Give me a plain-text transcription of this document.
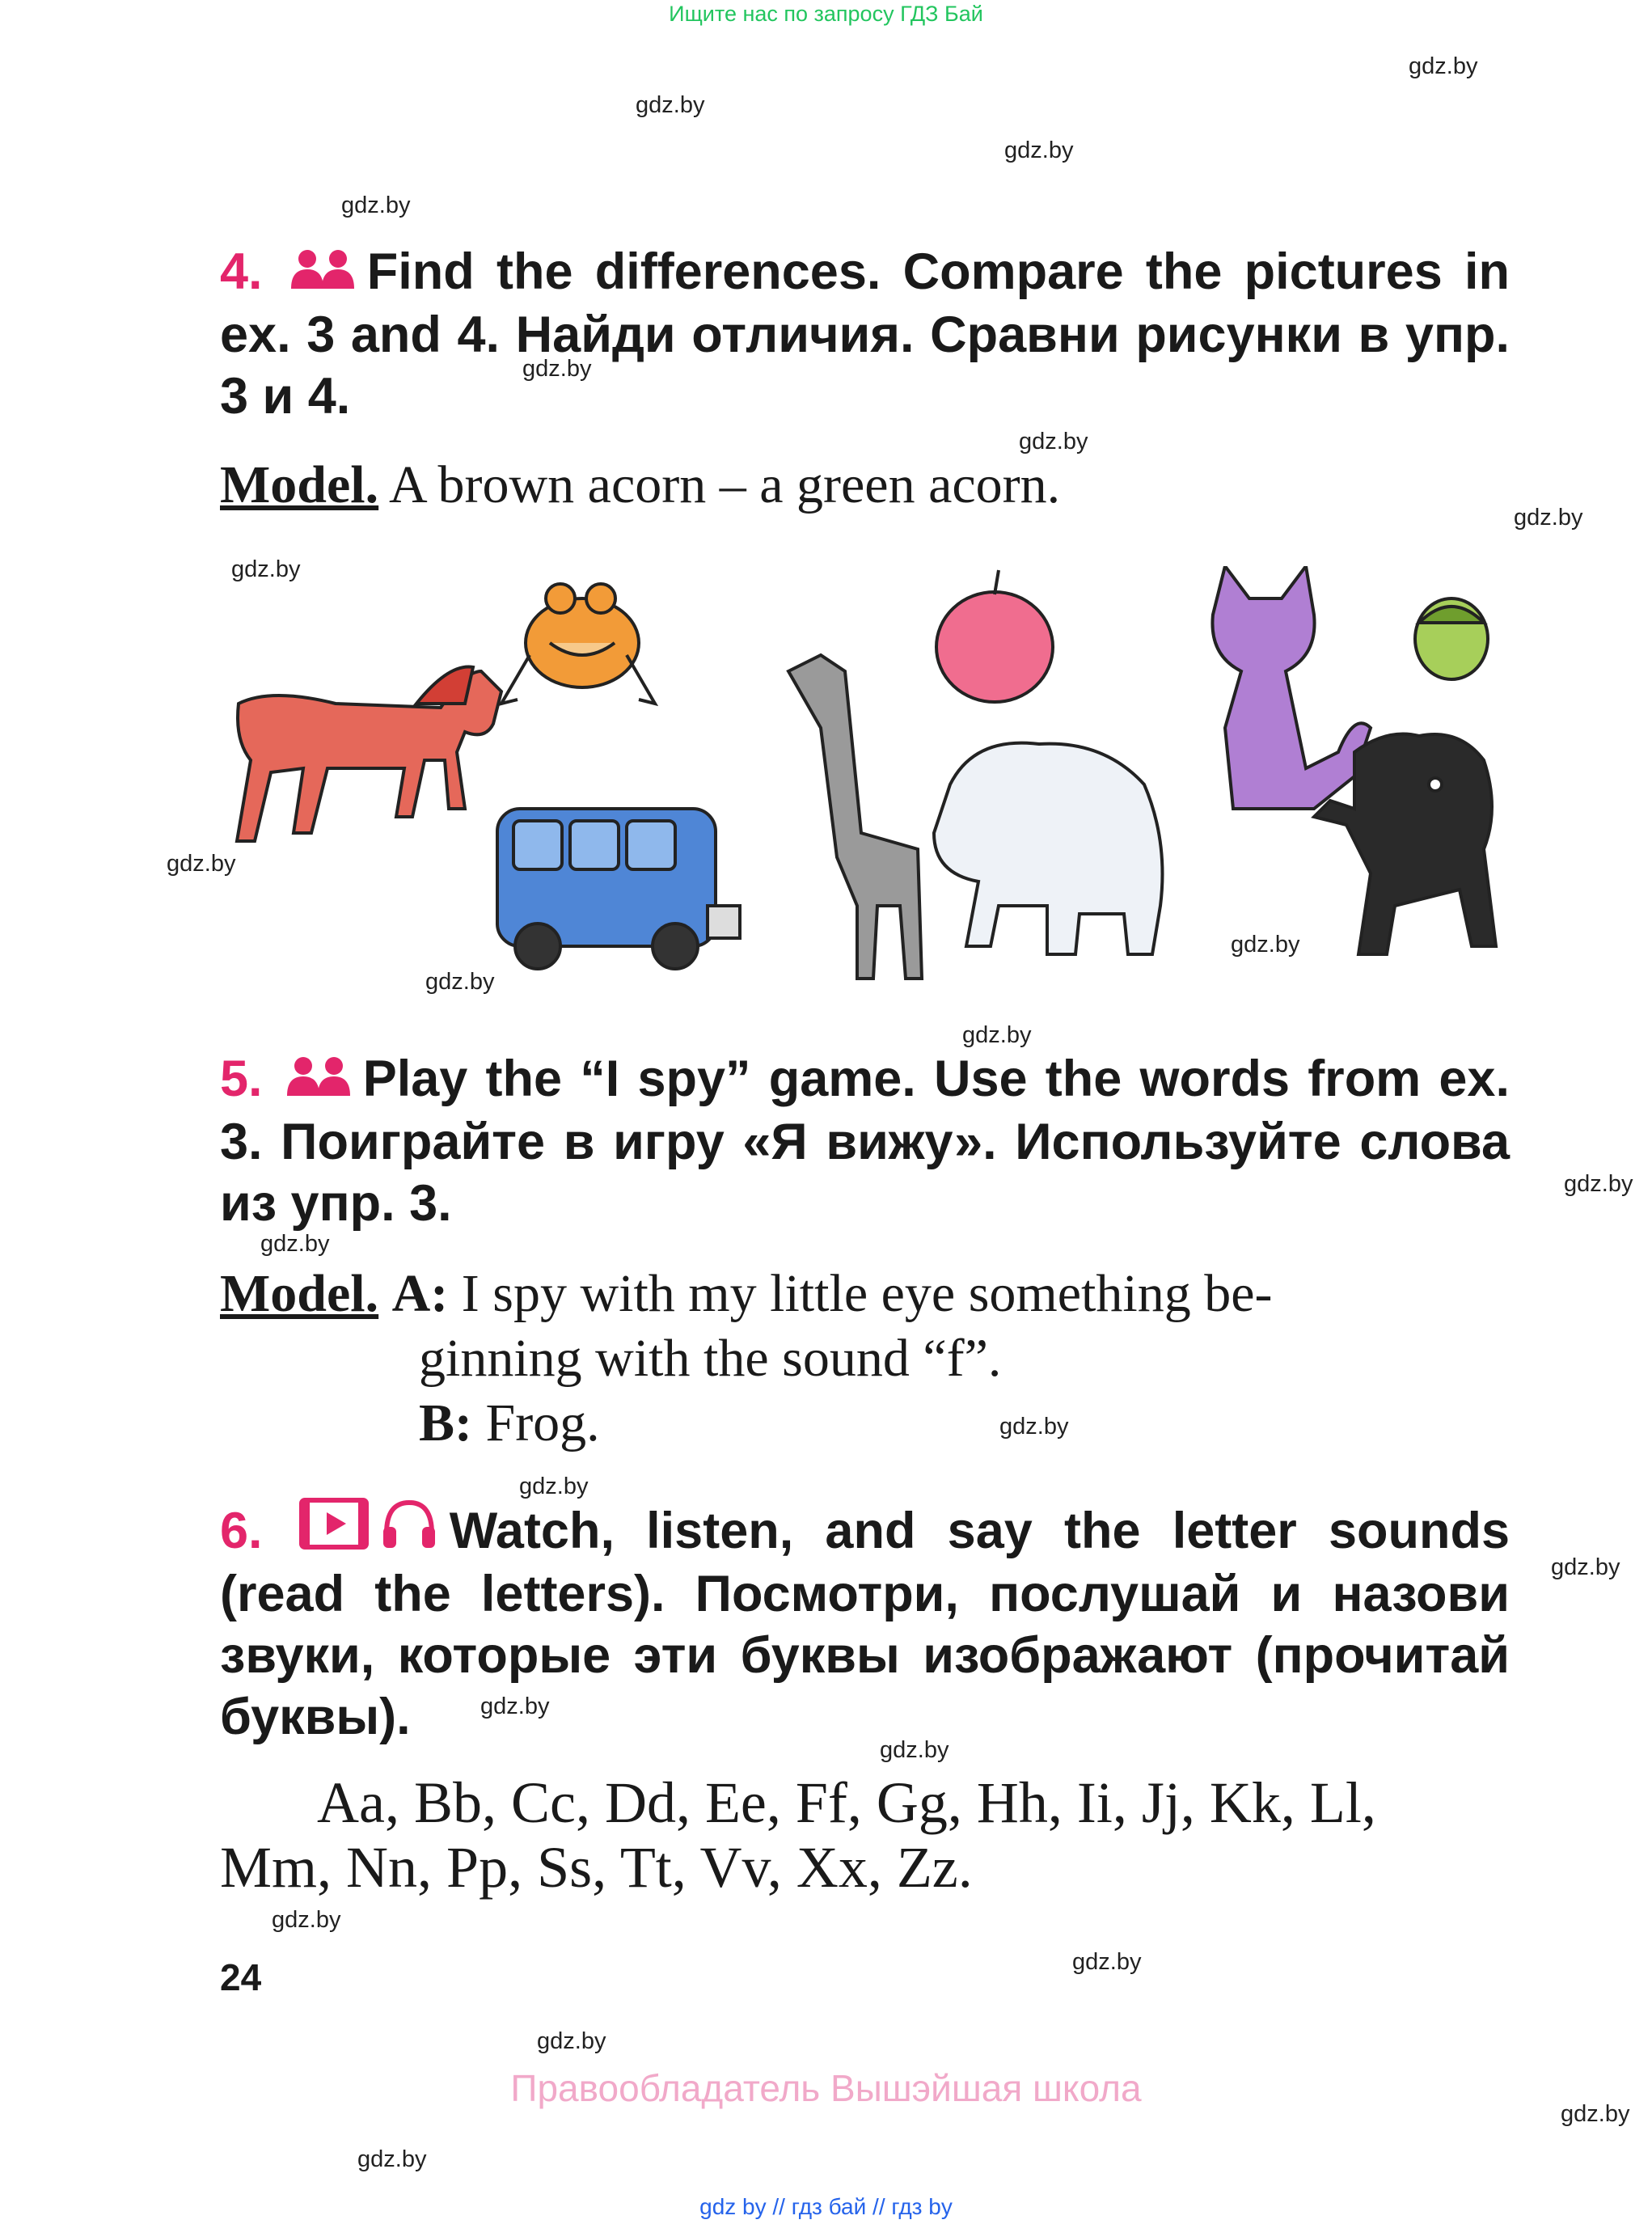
Ищите нас по запросу ГДЗ Бай
gdz.by
gdz.by
gdz.by
gdz.by
gdz.by
gdz.by
gdz.by
gdz.by
gdz.by
gdz.by
gdz.by
gdz.by
gdz.by
gdz.by
gdz.by
gdz.by
gdz.by
gdz.by
gdz.by
gdz.by
gdz.by
gdz.by
gdz.by
gdz.by
4. Find the differences. Compare the pictures in ex. 3 and 4. Найди отличия. Сравни рисунки в упр. 3 и 4.
Model. A brown acorn – a green acorn.
5. Play the “I spy” game. Use the words from ex. 3. Поиграйте в игру «Я вижу». Используйте слова из упр. 3.
Model. A: I spy with my little eye something be-
ginning with the sound “f”.
B: Frog.
6.	Watch, listen, and say the letter sounds (read the letters). Посмотри, послушай и назови звуки, которые эти буквы изображают (прочитай буквы).
Aa, Bb, Cc, Dd, Ee, Ff, Gg, Hh, Ii, Jj, Kk, Ll,
Mm, Nn, Pp, Ss, Tt, Vv, Xx, Zz.
24
Правообладатель Вышэйшая школа
gdz by // гдз бай // гдз by
